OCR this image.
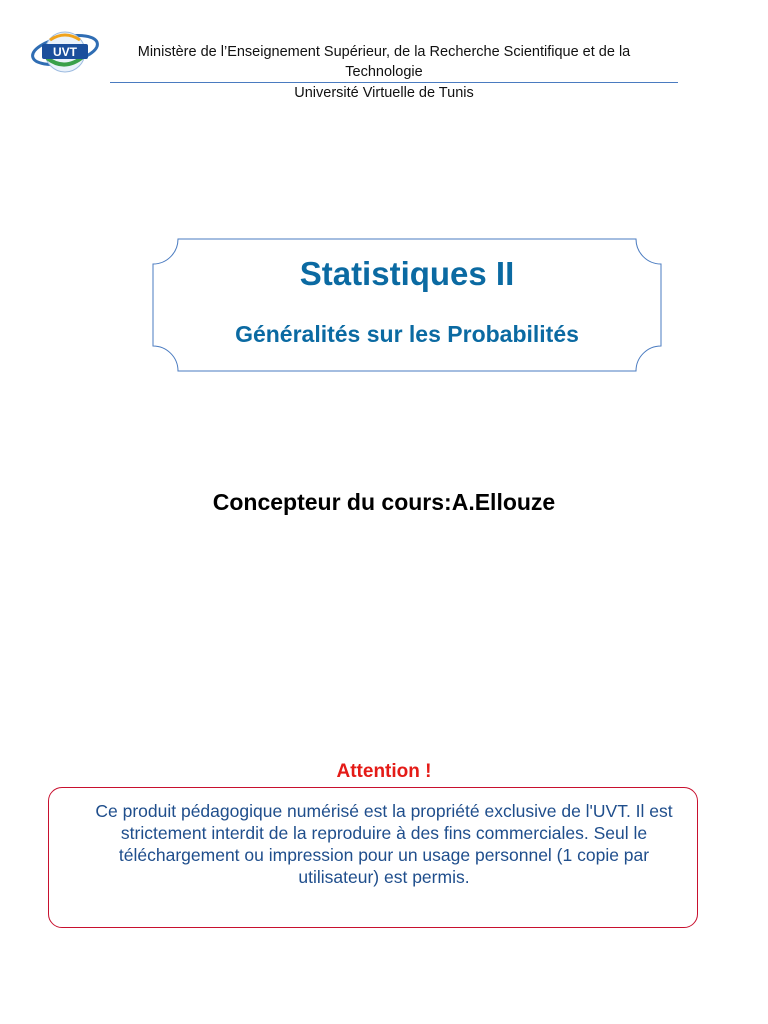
UVT	Ministère de l’Enseignement Supérieur, de la Recherche Scientifique et de la Technologie
Université Virtuelle de Tunis
Statistiques II
Généralités sur les Probabilités
Concepteur du cours:A.Ellouze
Attention !
Ce produit pédagogique numérisé est la propriété exclusive de l'UVT. Il est strictement interdit de la reproduire à des fins commerciales. Seul le téléchargement ou impression pour un usage personnel (1 copie par utilisateur) est permis.
